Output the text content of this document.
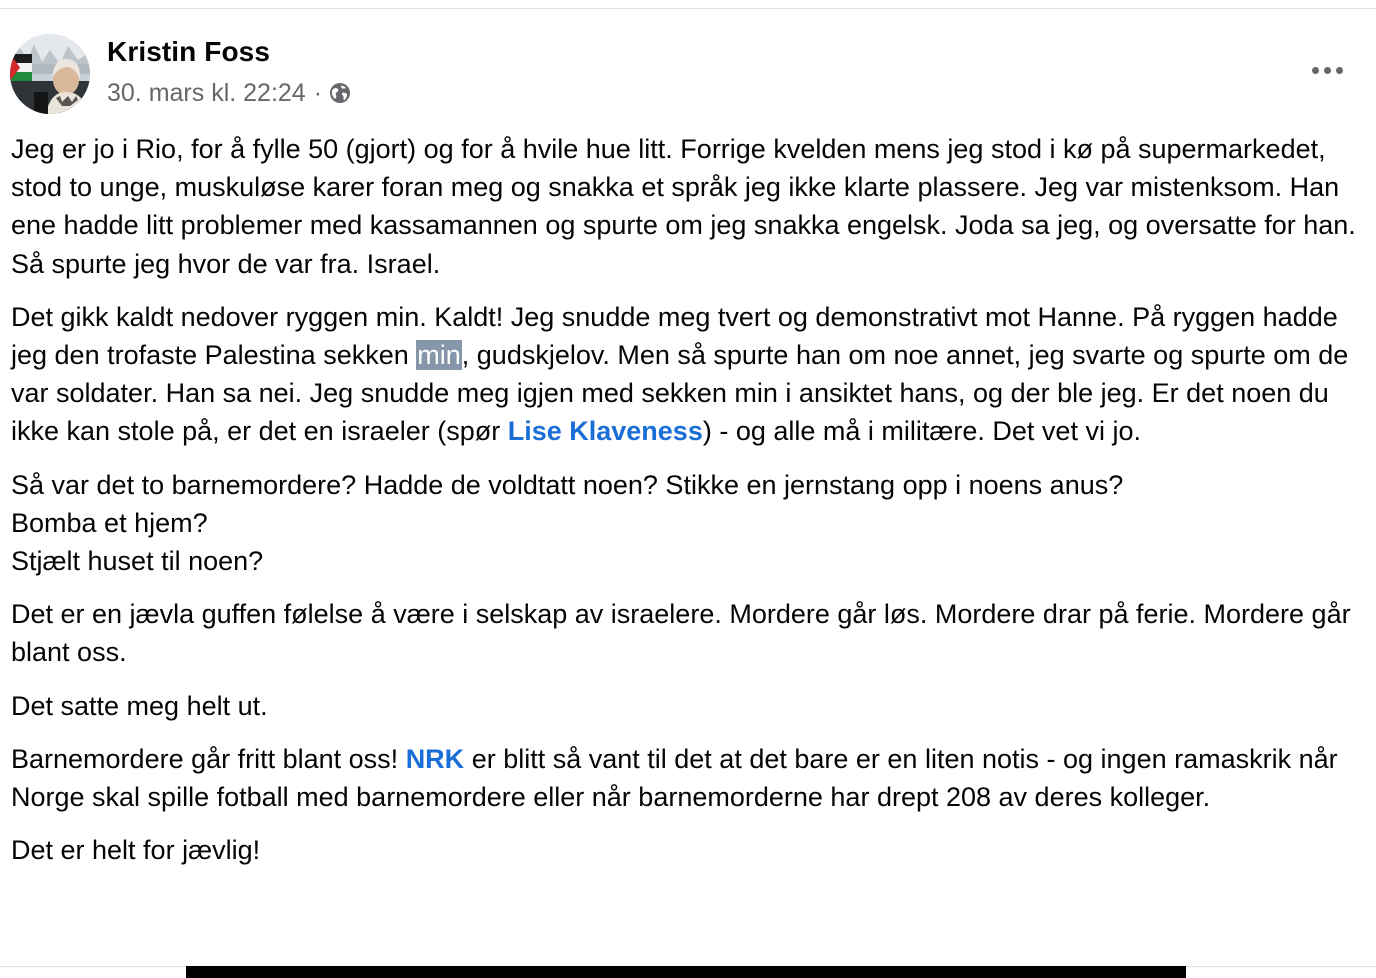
Kristin Foss
30. mars kl. 22:24 ·

Jeg er jo i Rio, for å fylle 50 (gjort) og for å hvile hue litt. Forrige kvelden mens jeg stod i kø på supermarkedet, stod to unge, muskuløse karer foran meg og snakka et språk jeg ikke klarte plassere. Jeg var mistenksom. Han ene hadde litt problemer med kassamannen og spurte om jeg snakka engelsk. Joda sa jeg, og oversatte for han. Så spurte jeg hvor de var fra. Israel.

Det gikk kaldt nedover ryggen min. Kaldt! Jeg snudde meg tvert og demonstrativt mot Hanne. På ryggen hadde jeg den trofaste Palestina sekken min, gudskjelov. Men så spurte han om noe annet, jeg svarte og spurte om de var soldater. Han sa nei. Jeg snudde meg igjen med sekken min i ansiktet hans, og der ble jeg. Er det noen du ikke kan stole på, er det en israeler (spør Lise Klaveness) - og alle må i militære. Det vet vi jo.

Så var det to barnemordere? Hadde de voldtatt noen? Stikke en jernstang opp i noens anus?
Bomba et hjem?
Stjælt huset til noen?

Det er en jævla guffen følelse å være i selskap av israelere. Mordere går løs. Mordere drar på ferie. Mordere går blant oss.

Det satte meg helt ut.

Barnemordere går fritt blant oss! NRK er blitt så vant til det at det bare er en liten notis - og ingen ramaskrik når Norge skal spille fotball med barnemordere eller når barnemorderne har drept 208 av deres kolleger.

Det er helt for jævlig!
